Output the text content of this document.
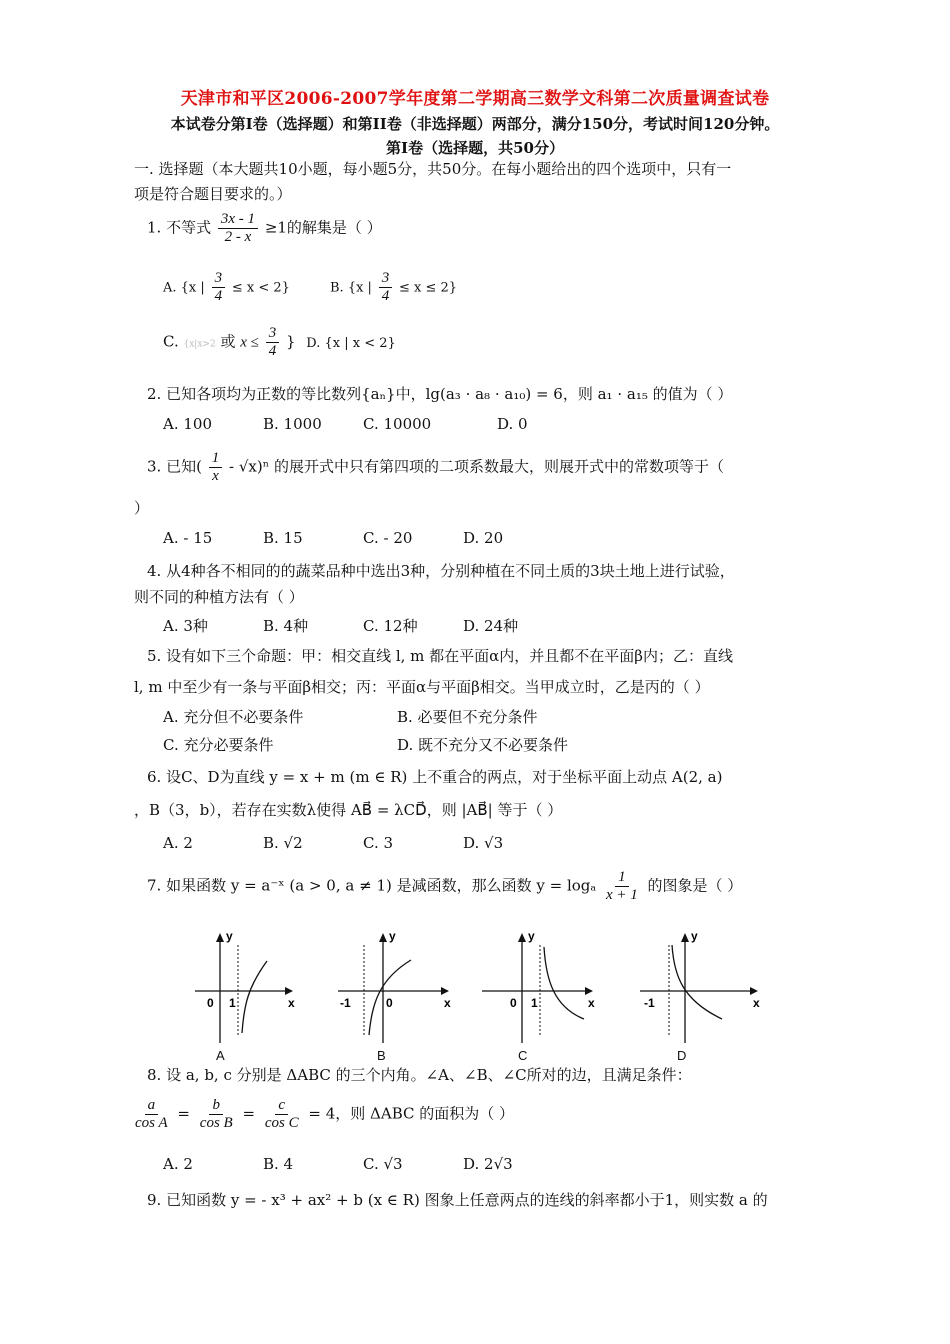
天津市和平区2006-2007学年度第二学期高三数学文科第二次质量调查试卷
本试卷分第Ⅰ卷（选择题）和第II卷（非选择题）两部分，满分150分，考试时间120分钟。
第Ⅰ卷（选择题，共50分）
一. 选择题（本大题共10小题，每小题5分，共50分。在每小题给出的四个选项中，只有一
项是符合题目要求的。）
1. 不等式 $\frac{3x - 1}{2 - x} \ge 1$的解集是（ ）
A. {x | $\frac{3}{4} \le x < 2$}	B. {x | $\frac{3}{4} \le x \le 2$}
C. {x|x>2 或 $x \le \frac{3}{4}$ } D. {x | x < 2}
2. 已知各项均为正数的等比数列{aₙ}中，lg(a₃ · a₈ · a₁₀) = 6，则 a₁ · a₁₅ 的值为（ ）
A. 100	B. 1000	C. 10000	D. 0
3. 已知( $\frac{1}{x} - √x)^n$ 的展开式中只有第四项的二项系数最大，则展开式中的常数项等于（
）
A. - 15	B. 15	C. - 20	D. 20
4. 从4种各不相同的的蔬菜品种中选出3种，分别种植在不同土质的3块土地上进行试验，
则不同的种植方法有（ ）
A. 3种	B. 4种	C. 12种	D. 24种
5. 设有如下三个命题：甲：相交直线 l, m 都在平面α内，并且都不在平面β内；乙：直线
l, m 中至少有一条与平面β相交；丙：平面α与平面β相交。当甲成立时，乙是丙的（ ）
A. 充分但不必要条件	B. 必要但不充分条件
C. 充分必要条件	D. 既不充分又不必要条件
6. 设C、D为直线 y = x + m (m ∈ R) 上不重合的两点，对于坐标平面上动点 A(2, a)
，B（3，b），若存在实数λ使得 AB⃗ = λCD⃗，则 |AB⃗| 等于（ ）
A. 2	B. √2	C. 3	D. √3
7. 如果函数 y = a⁻ˣ (a > 0, a ≠ 1) 是减函数，那么函数 y = logₐ $\frac{1}{x + 1}$ 的图象是（ ）
y
x
0 1
y
x
-1	0
y
x
0 1
y
x
-1
A	B	C	D
8. 设 a, b, c 分别是 ΔABC 的三个内角。∠A、∠B、∠C所对的边，且满足条件：
$\frac{a}{\text{cos A}} = \frac{b}{\text{cos B}} = \frac{c}{\text{cos C}} = 4$，则 ΔABC 的面积为（ ）
A. 2	B. 4	C. √3	D. 2√3
9. 已知函数 y = - x³ + ax² + b (x ∈ R) 图象上任意两点的连线的斜率都小于1，则实数 a 的
